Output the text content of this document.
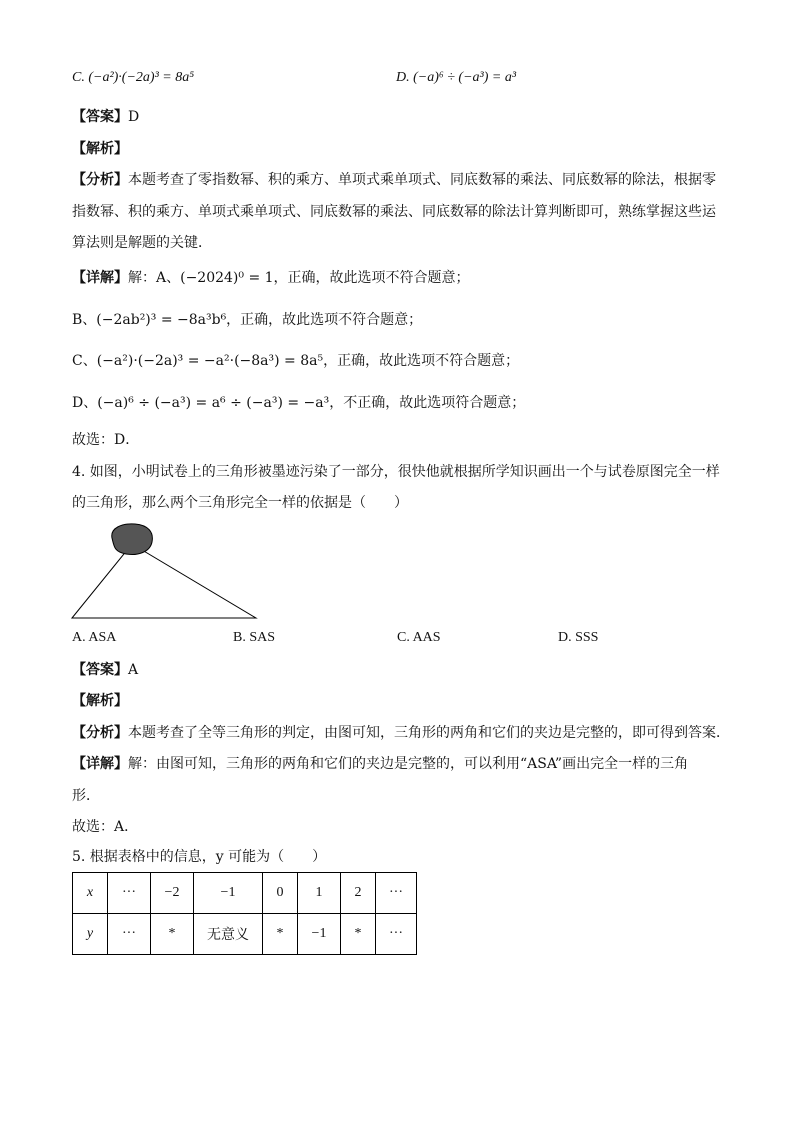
C. (−a²)·(−2a)³ = 8a⁵	D. (−a)⁶ ÷ (−a³) = a³
【答案】D
【解析】
【分析】本题考查了零指数幂、积的乘方、单项式乘单项式、同底数幂的乘法、同底数幂的除法，根据零
指数幂、积的乘方、单项式乘单项式、同底数幂的乘法、同底数幂的除法计算判断即可，熟练掌握这些运
算法则是解题的关键．
【详解】解：A、(−2024)⁰ = 1，正确，故此选项不符合题意；
B、(−2ab²)³ = −8a³b⁶，正确，故此选项不符合题意；
C、(−a²)·(−2a)³ = −a²·(−8a³) = 8a⁵，正确，故此选项不符合题意；
D、(−a)⁶ ÷ (−a³) = a⁶ ÷ (−a³) = −a³，不正确，故此选项符合题意；
故选：D．
4. 如图，小明试卷上的三角形被墨迹污染了一部分，很快他就根据所学知识画出一个与试卷原图完全一样
的三角形，那么两个三角形完全一样的依据是（　　）
A. ASA	B. SAS	C. AAS	D. SSS
【答案】A
【解析】
【分析】本题考查了全等三角形的判定，由图可知，三角形的两角和它们的夹边是完整的，即可得到答案．
【详解】解：由图可知，三角形的两角和它们的夹边是完整的，可以利用“ASA”画出完全一样的三角
形．
故选：A．
5. 根据表格中的信息，y 可能为（　　）
x	···	−2	−1	0	1	2	···
y	···	*	无意义	*	−1	*	···
